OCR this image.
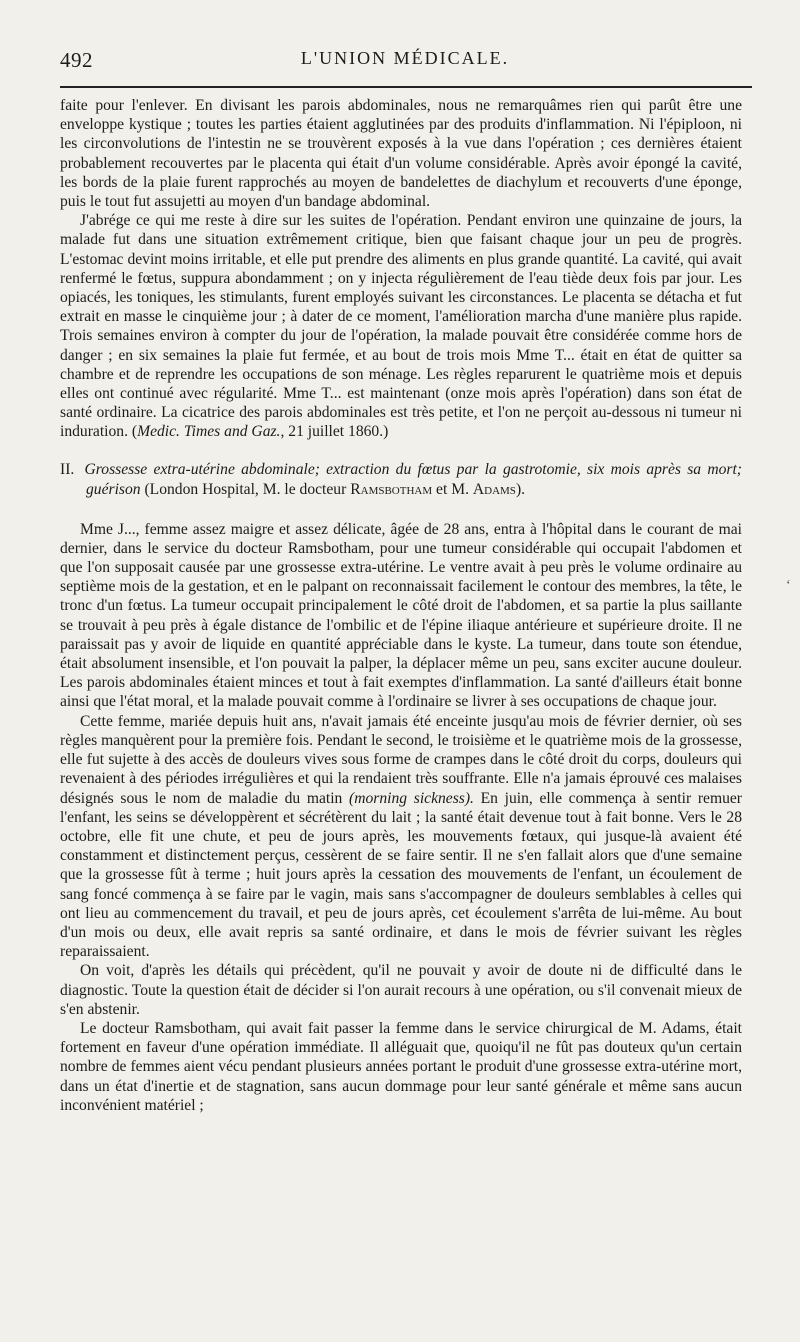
492	L'UNION MÉDICALE.

faite pour l'enlever. En divisant les parois abdominales, nous ne remarquâmes rien qui parût être une enveloppe kystique ; toutes les parties étaient agglutinées par des produits d'inflammation. Ni l'épiploon, ni les circonvolutions de l'intestin ne se trouvèrent exposés à la vue dans l'opération ; ces dernières étaient probablement recouvertes par le placenta qui était d'un volume considérable. Après avoir épongé la cavité, les bords de la plaie furent rapprochés au moyen de bandelettes de diachylum et recouverts d'une éponge, puis le tout fut assujetti au moyen d'un bandage abdominal.

J'abrége ce qui me reste à dire sur les suites de l'opération. Pendant environ une quinzaine de jours, la malade fut dans une situation extrêmement critique, bien que faisant chaque jour un peu de progrès. L'estomac devint moins irritable, et elle put prendre des aliments en plus grande quantité. La cavité, qui avait renfermé le fœtus, suppura abondamment ; on y injecta régulièrement de l'eau tiède deux fois par jour. Les opiacés, les toniques, les stimulants, furent employés suivant les circonstances. Le placenta se détacha et fut extrait en masse le cinquième jour ; à dater de ce moment, l'amélioration marcha d'une manière plus rapide. Trois semaines environ à compter du jour de l'opération, la malade pouvait être considérée comme hors de danger ; en six semaines la plaie fut fermée, et au bout de trois mois Mme T... était en état de quitter sa chambre et de reprendre les occupations de son ménage. Les règles reparurent le quatrième mois et depuis elles ont continué avec régularité. Mme T... est maintenant (onze mois après l'opération) dans son état de santé ordinaire. La cicatrice des parois abdominales est très petite, et l'on ne perçoit au-dessous ni tumeur ni induration. (Medic. Times and Gaz., 21 juillet 1860.)

II. Grossesse extra-utérine abdominale; extraction du fœtus par la gastrotomie, six mois après sa mort; guérison (London Hospital, M. le docteur Ramsbotham et M. Adams).

Mme J..., femme assez maigre et assez délicate, âgée de 28 ans, entra à l'hôpital dans le courant de mai dernier, dans le service du docteur Ramsbotham, pour une tumeur considérable qui occupait l'abdomen et que l'on supposait causée par une grossesse extra-utérine. Le ventre avait à peu près le volume ordinaire au septième mois de la gestation, et en le palpant on reconnaissait facilement le contour des membres, la tête, le tronc d'un fœtus. La tumeur occupait principalement le côté droit de l'abdomen, et sa partie la plus saillante se trouvait à peu près à égale distance de l'ombilic et de l'épine iliaque antérieure et supérieure droite. Il ne paraissait pas y avoir de liquide en quantité appréciable dans le kyste. La tumeur, dans toute son étendue, était absolument insensible, et l'on pouvait la palper, la déplacer même un peu, sans exciter aucune douleur. Les parois abdominales étaient minces et tout à fait exemptes d'inflammation. La santé d'ailleurs était bonne ainsi que l'état moral, et la malade pouvait comme à l'ordinaire se livrer à ses occupations de chaque jour.

Cette femme, mariée depuis huit ans, n'avait jamais été enceinte jusqu'au mois de février dernier, où ses règles manquèrent pour la première fois. Pendant le second, le troisième et le quatrième mois de la grossesse, elle fut sujette à des accès de douleurs vives sous forme de crampes dans le côté droit du corps, douleurs qui revenaient à des périodes irrégulières et qui la rendaient très souffrante. Elle n'a jamais éprouvé ces malaises désignés sous le nom de maladie du matin (morning sickness). En juin, elle commença à sentir remuer l'enfant, les seins se développèrent et sécrétèrent du lait ; la santé était devenue tout à fait bonne. Vers le 28 octobre, elle fit une chute, et peu de jours après, les mouvements fœtaux, qui jusque-là avaient été constamment et distinctement perçus, cessèrent de se faire sentir. Il ne s'en fallait alors que d'une semaine que la grossesse fût à terme ; huit jours après la cessation des mouvements de l'enfant, un écoulement de sang foncé commença à se faire par le vagin, mais sans s'accompagner de douleurs semblables à celles qui ont lieu au commencement du travail, et peu de jours après, cet écoulement s'arrêta de lui-même. Au bout d'un mois ou deux, elle avait repris sa santé ordinaire, et dans le mois de février suivant les règles reparaissaient.

On voit, d'après les détails qui précèdent, qu'il ne pouvait y avoir de doute ni de difficulté dans le diagnostic. Toute la question était de décider si l'on aurait recours à une opération, ou s'il convenait mieux de s'en abstenir.

Le docteur Ramsbotham, qui avait fait passer la femme dans le service chirurgical de M. Adams, était fortement en faveur d'une opération immédiate. Il alléguait que, quoiqu'il ne fût pas douteux qu'un certain nombre de femmes aient vécu pendant plusieurs années portant le produit d'une grossesse extra-utérine mort, dans un état d'inertie et de stagnation, sans aucun dommage pour leur santé générale et même sans aucun inconvénient matériel ;

‘
